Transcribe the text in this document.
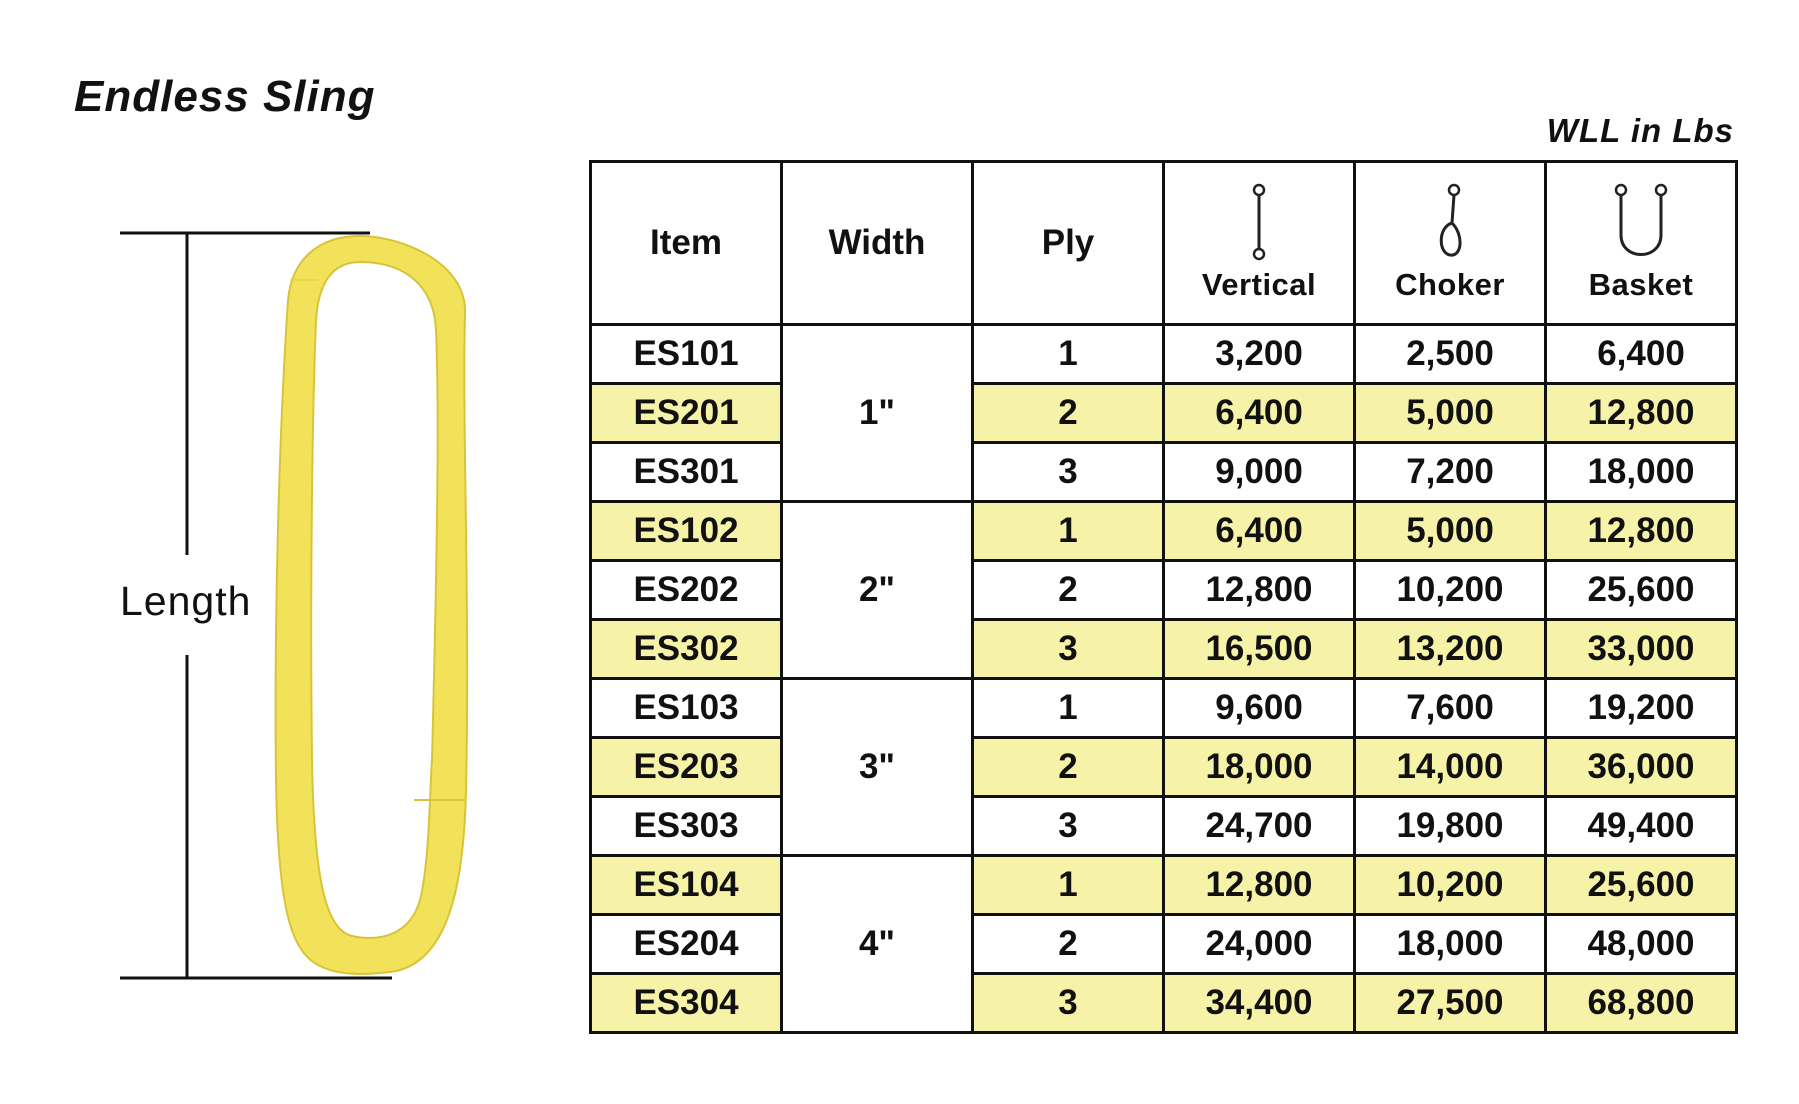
Endless Sling
WLL in Lbs
Length
Item	Width	Ply	Vertical	Choker	Basket

ES101	1"	1	3,200	2,500	6,400
ES201		2	6,400	5,000	12,800
ES301		3	9,000	7,200	18,000
ES102	2"	1	6,400	5,000	12,800
ES202		2	12,800	10,200	25,600
ES302		3	16,500	13,200	33,000
ES103	3"	1	9,600	7,600	19,200
ES203		2	18,000	14,000	36,000
ES303		3	24,700	19,800	49,400
ES104	4"	1	12,800	10,200	25,600
ES204		2	24,000	18,000	48,000
ES304		3	34,400	27,500	68,800
